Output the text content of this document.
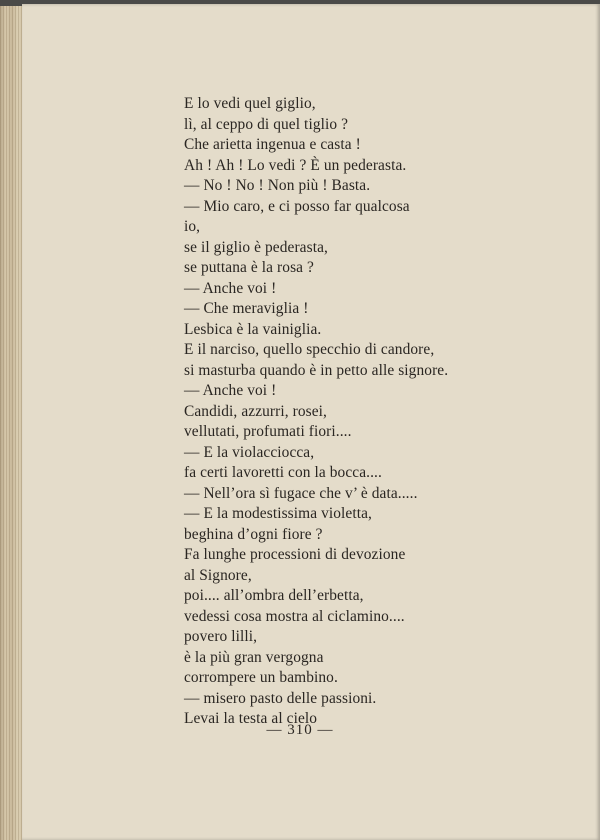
E lo vedi quel giglio,
lì, al ceppo di quel tiglio ?
Che arietta ingenua e casta !
Ah ! Ah ! Lo vedi ? È un pederasta.
— No ! No ! Non più ! Basta.
— Mio caro, e ci posso far qualcosa
io,
se il giglio è pederasta,
se puttana è la rosa ?
— Anche voi !
— Che meraviglia !
Lesbica è la vainiglia.
E il narciso, quello specchio di candore,
si masturba quando è in petto alle signore.
— Anche voi !
Candidi, azzurri, rosei,
vellutati, profumati fiori....
— E la violacciocca,
fa certi lavoretti con la bocca....
— Nell’ora sì fugace che v’ è data.....
— E la modestissima violetta,
beghina d’ogni fiore ?
Fa lunghe processioni di devozione
al Signore,
poi.... all’ombra dell’erbetta,
vedessi cosa mostra al ciclamino....
povero lilli,
è la più gran vergogna
corrompere un bambino.
— misero pasto delle passioni.
Levai la testa al cielo
— 310 —
